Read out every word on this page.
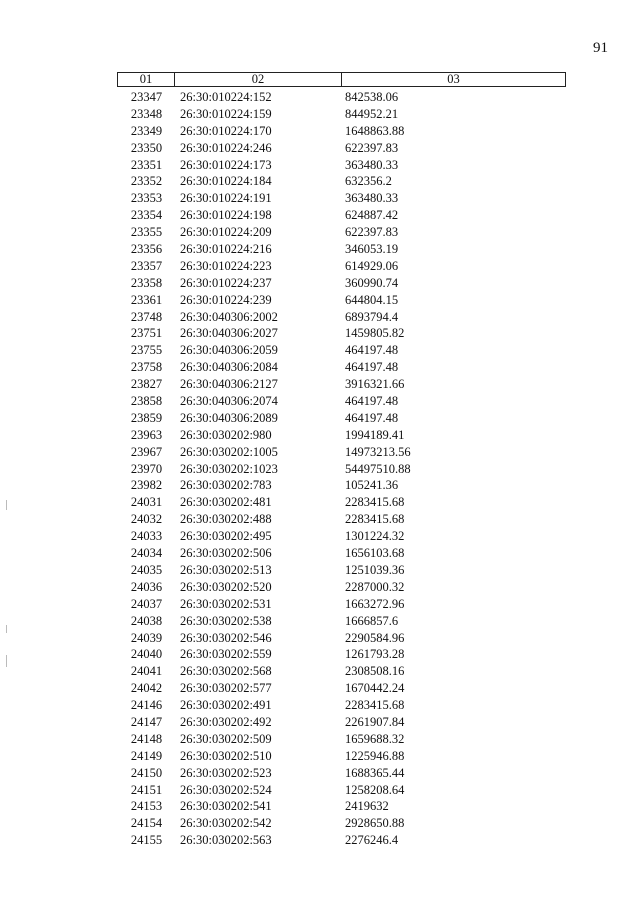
91
01	02	03
23347	26:30:010224:152	842538.06
23348	26:30:010224:159	844952.21
23349	26:30:010224:170	1648863.88
23350	26:30:010224:246	622397.83
23351	26:30:010224:173	363480.33
23352	26:30:010224:184	632356.2
23353	26:30:010224:191	363480.33
23354	26:30:010224:198	624887.42
23355	26:30:010224:209	622397.83
23356	26:30:010224:216	346053.19
23357	26:30:010224:223	614929.06
23358	26:30:010224:237	360990.74
23361	26:30:010224:239	644804.15
23748	26:30:040306:2002	6893794.4
23751	26:30:040306:2027	1459805.82
23755	26:30:040306:2059	464197.48
23758	26:30:040306:2084	464197.48
23827	26:30:040306:2127	3916321.66
23858	26:30:040306:2074	464197.48
23859	26:30:040306:2089	464197.48
23963	26:30:030202:980	1994189.41
23967	26:30:030202:1005	14973213.56
23970	26:30:030202:1023	54497510.88
23982	26:30:030202:783	105241.36
24031	26:30:030202:481	2283415.68
24032	26:30:030202:488	2283415.68
24033	26:30:030202:495	1301224.32
24034	26:30:030202:506	1656103.68
24035	26:30:030202:513	1251039.36
24036	26:30:030202:520	2287000.32
24037	26:30:030202:531	1663272.96
24038	26:30:030202:538	1666857.6
24039	26:30:030202:546	2290584.96
24040	26:30:030202:559	1261793.28
24041	26:30:030202:568	2308508.16
24042	26:30:030202:577	1670442.24
24146	26:30:030202:491	2283415.68
24147	26:30:030202:492	2261907.84
24148	26:30:030202:509	1659688.32
24149	26:30:030202:510	1225946.88
24150	26:30:030202:523	1688365.44
24151	26:30:030202:524	1258208.64
24153	26:30:030202:541	2419632
24154	26:30:030202:542	2928650.88
24155	26:30:030202:563	2276246.4
